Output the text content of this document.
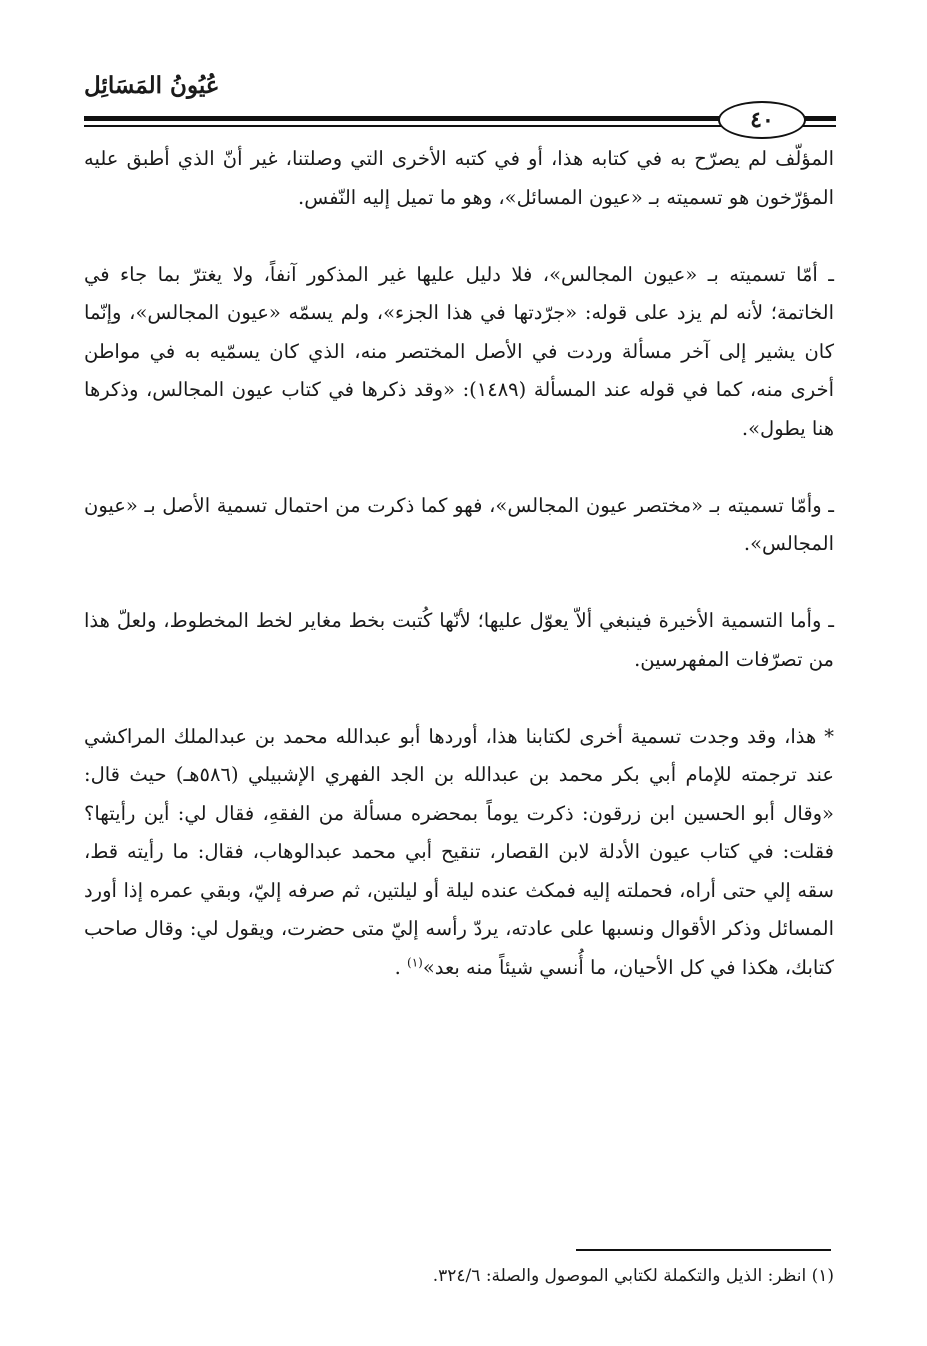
عُيُونُ المَسَائِل
٤٠

المؤلّف لم يصرّح به في كتابه هذا، أو في كتبه الأخرى التي وصلتنا، غير أنّ الذي أطبق عليه المؤرّخون هو تسميته بـ «عيون المسائل»، وهو ما تميل إليه النّفس.

ـ أمّا تسميته بـ «عيون المجالس»، فلا دليل عليها غير المذكور آنفاً، ولا يغترّ بما جاء في الخاتمة؛ لأنه لم يزد على قوله: «جرّدتها في هذا الجزء»، ولم يسمّه «عيون المجالس»، وإنّما كان يشير إلى آخر مسألة وردت في الأصل المختصر منه، الذي كان يسمّيه به في مواطن أخرى منه، كما في قوله عند المسألة (١٤٨٩): «وقد ذكرها في كتاب عيون المجالس، وذكرها هنا يطول».

ـ وأمّا تسميته بـ «مختصر عيون المجالس»، فهو كما ذكرت من احتمال تسمية الأصل بـ «عيون المجالس».

ـ وأما التسمية الأخيرة فينبغي ألاّ يعوّل عليها؛ لأنّها كُتبت بخط مغاير لخط المخطوط، ولعلّ هذا من تصرّفات المفهرسين.

* هذا، وقد وجدت تسمية أخرى لكتابنا هذا، أوردها أبو عبدالله محمد بن عبدالملك المراكشي عند ترجمته للإمام أبي بكر محمد بن عبدالله بن الجد الفهري الإشبيلي (٥٨٦هـ) حيث قال: «وقال أبو الحسين ابن زرقون: ذكرت يوماً بمحضره مسألة من الفقهِ، فقال لي: أين رأيتها؟ فقلت: في كتاب عيون الأدلة لابن القصار، تنقيح أبي محمد عبدالوهاب، فقال: ما رأيته قط، سقه إلي حتى أراه، فحملته إليه فمكث عنده ليلة أو ليلتين، ثم صرفه إليّ، وبقي عمره إذا أورد المسائل وذكر الأقوال ونسبها على عادته، يردّ رأسه إليّ متى حضرت، ويقول لي: وقال صاحب كتابك، هكذا في كل الأحيان، ما أُنسي شيئاً منه بعد»$^{(١)}$ .

(١) انظر: الذيل والتكملة لكتابي الموصول والصلة: ٣٢٤/٦.
